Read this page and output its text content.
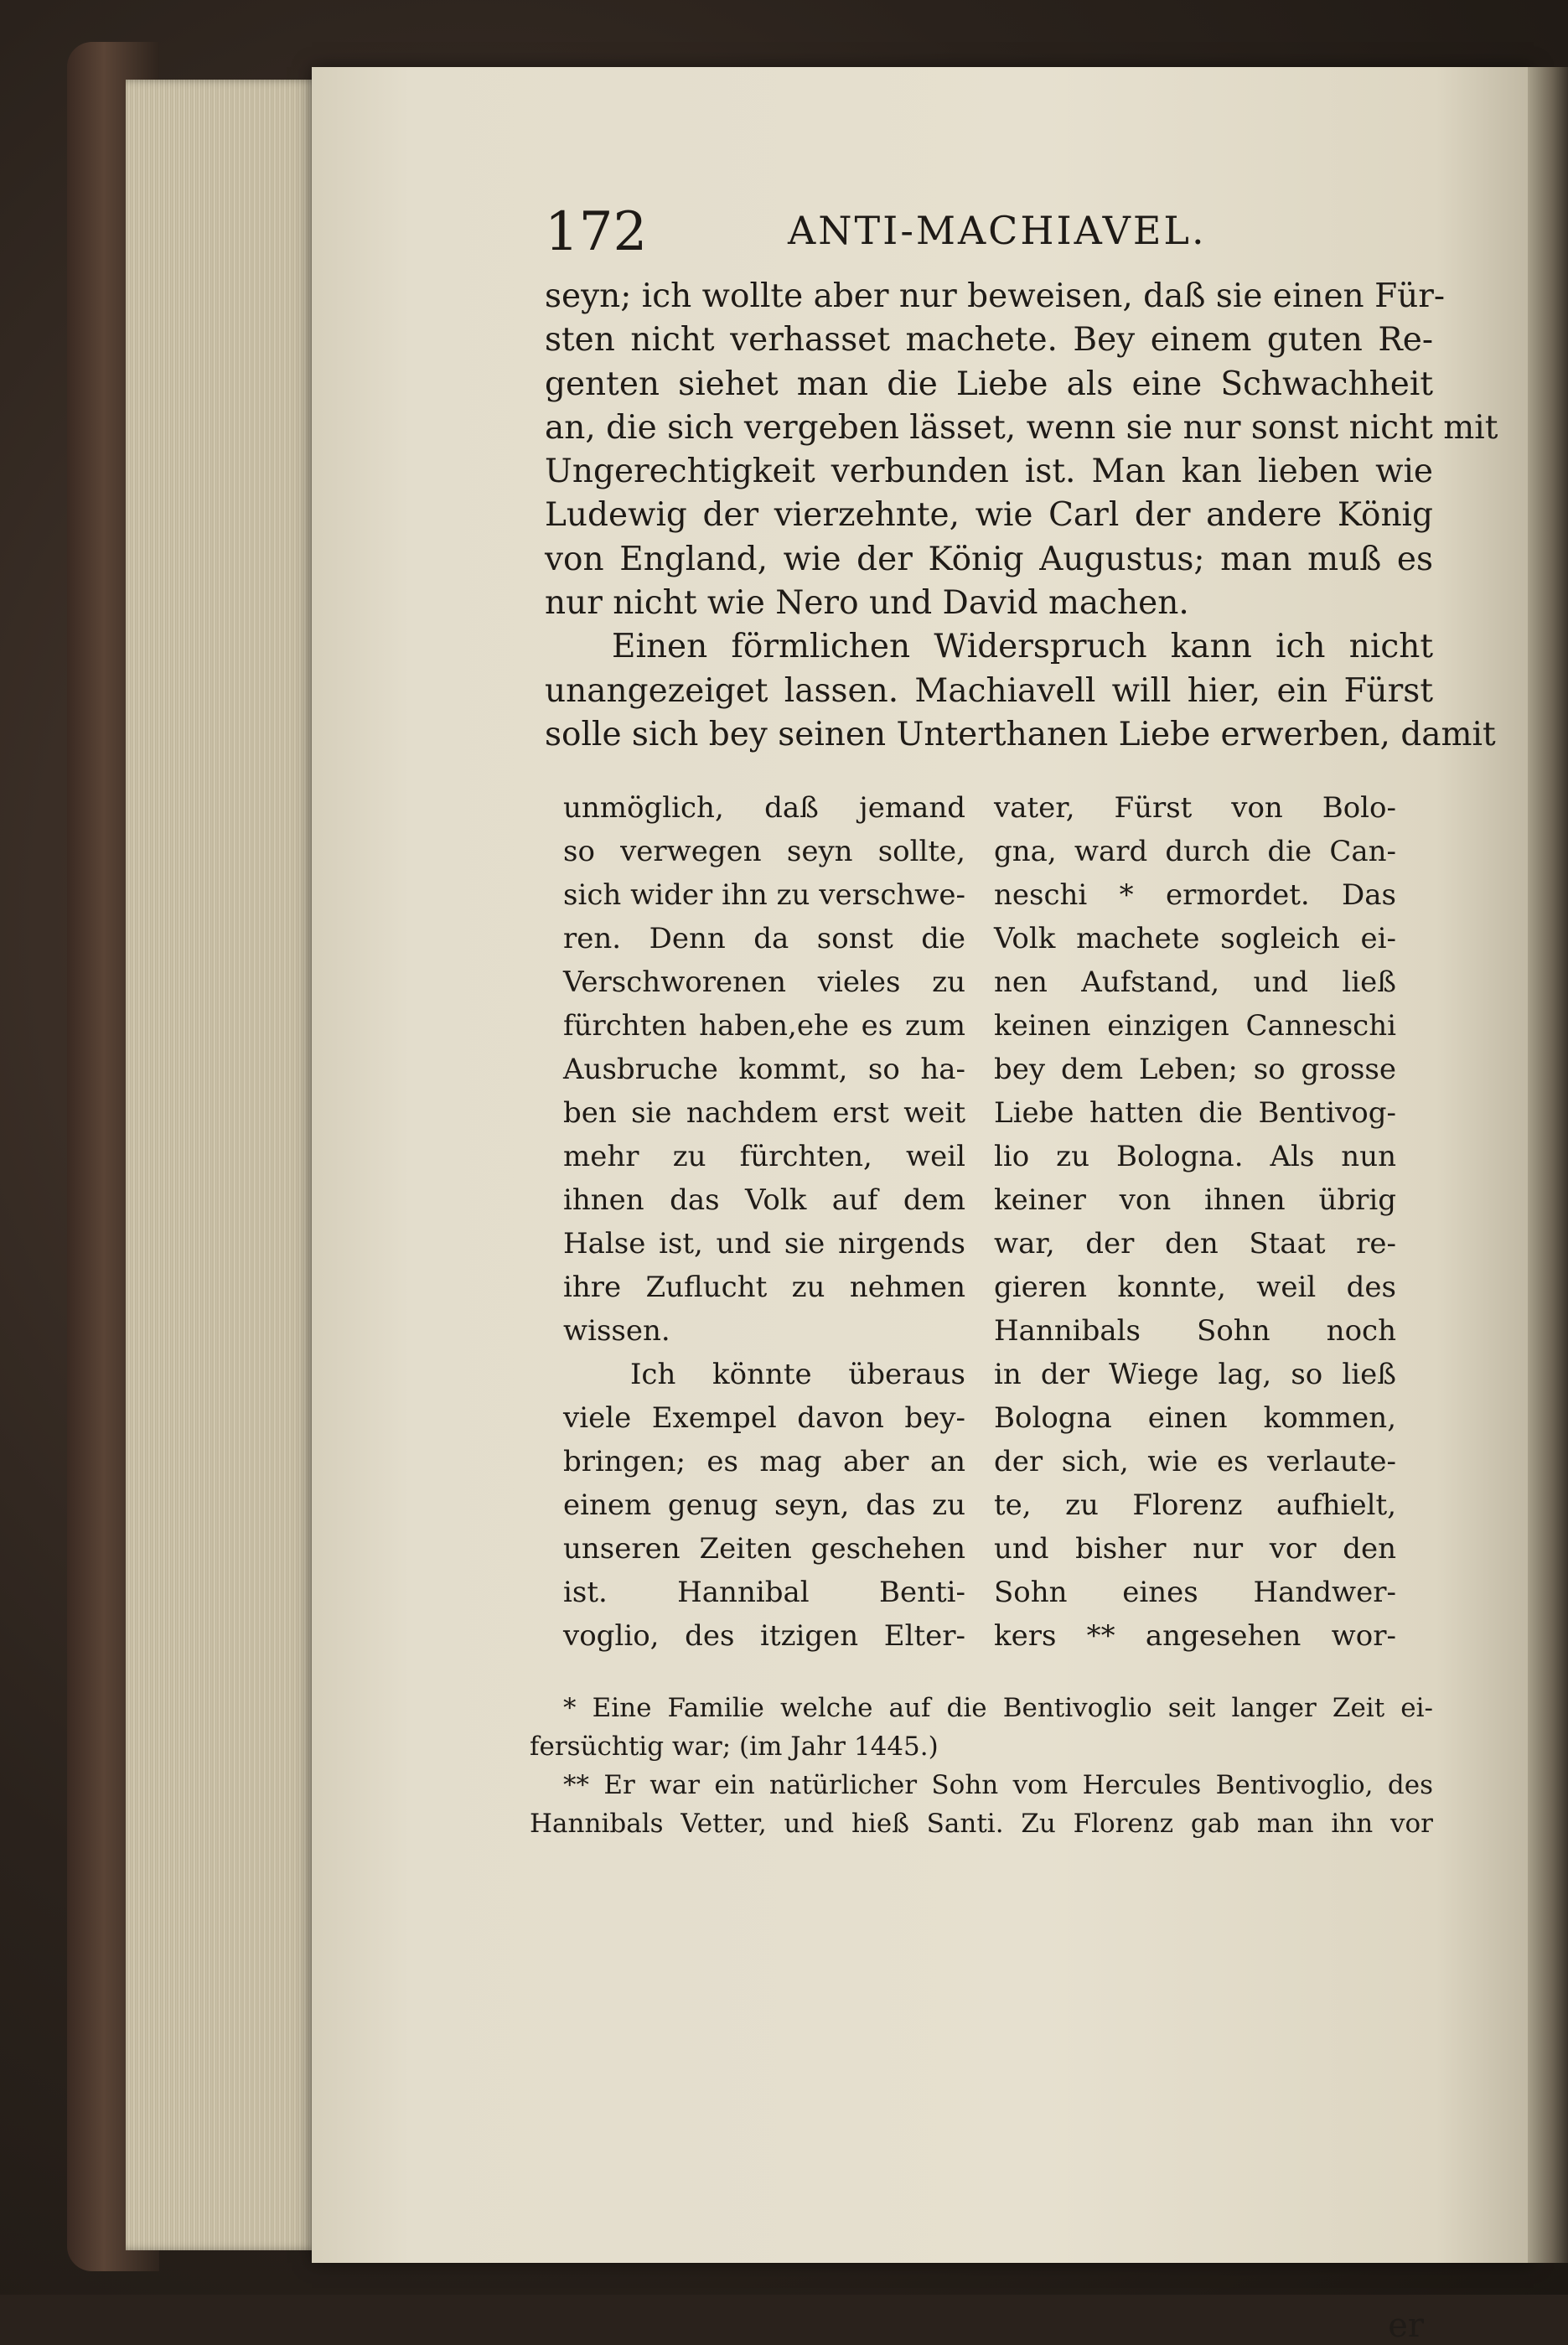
172	ANTI-MACHIAVEL.
seyn; ich wollte aber nur beweisen, daß sie einen Für-
sten nicht verhasset machete. Bey einem guten Re-
genten siehet man die Liebe als eine Schwachheit
an, die sich vergeben lässet, wenn sie nur sonst nicht mit
Ungerechtigkeit verbunden ist. Man kan lieben wie
Ludewig der vierzehnte, wie Carl der andere König
von England, wie der König Augustus; man muß es
nur nicht wie Nero und David machen.
Einen förmlichen Widerspruch kann ich nicht
unangezeiget lassen. Machiavell will hier, ein Fürst
solle sich bey seinen Unterthanen Liebe erwerben, damit
unmöglich, daß jemand
so verwegen seyn sollte,
sich wider ihn zu verschwe-
ren. Denn da sonst die
Verschworenen vieles zu
fürchten haben,ehe es zum
Ausbruche kommt, so ha-
ben sie nachdem erst weit
mehr zu fürchten, weil
ihnen das Volk auf dem
Halse ist, und sie nirgends
ihre Zuflucht zu nehmen
wissen.
Ich könnte überaus
viele Exempel davon bey-
bringen; es mag aber an
einem genug seyn, das zu
unseren Zeiten geschehen
ist. Hannibal Benti-
voglio, des itzigen Elter-
vater, Fürst von Bolo-
gna, ward durch die Can-
neschi * ermordet. Das
Volk machete sogleich ei-
nen Aufstand, und ließ
keinen einzigen Canneschi
bey dem Leben; so grosse
Liebe hatten die Bentivog-
lio zu Bologna. Als nun
keiner von ihnen übrig
war, der den Staat re-
gieren konnte, weil des
Hannibals Sohn noch
in der Wiege lag, so ließ
Bologna einen kommen,
der sich, wie es verlaute-
te, zu Florenz aufhielt,
und bisher nur vor den
Sohn eines Handwer-
kers ** angesehen wor-
* Eine Familie welche auf die Bentivoglio seit langer Zeit ei-
fersüchtig war; (im Jahr 1445.)
** Er war ein natürlicher Sohn vom Hercules Bentivoglio, des
Hannibals Vetter, und hieß Santi. Zu Florenz gab man ihn vor
er
